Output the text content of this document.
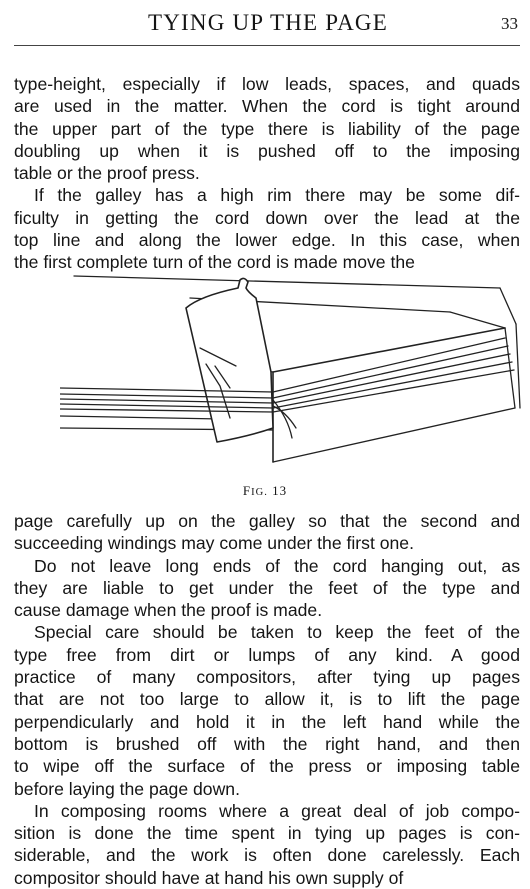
TYING UP THE PAGE	33
type-height, especially if low leads, spaces, and quads
are used in the matter. When the cord is tight around
the upper part of the type there is liability of the page
doubling up when it is pushed off to the imposing
table or the proof press.
If the galley has a high rim there may be some dif-
ficulty in getting the cord down over the lead at the
top line and along the lower edge. In this case, when
the first complete turn of the cord is made move the
FIG. 13
page carefully up on the galley so that the second and
succeeding windings may come under the first one.
Do not leave long ends of the cord hanging out, as
they are liable to get under the feet of the type and
cause damage when the proof is made.
Special care should be taken to keep the feet of the
type free from dirt or lumps of any kind. A good
practice of many compositors, after tying up pages
that are not too large to allow it, is to lift the page
perpendicularly and hold it in the left hand while the
bottom is brushed off with the right hand, and then
to wipe off the surface of the press or imposing table
before laying the page down.
In composing rooms where a great deal of job compo-
sition is done the time spent in tying up pages is con-
siderable, and the work is often done carelessly. Each
compositor should have at hand his own supply of
